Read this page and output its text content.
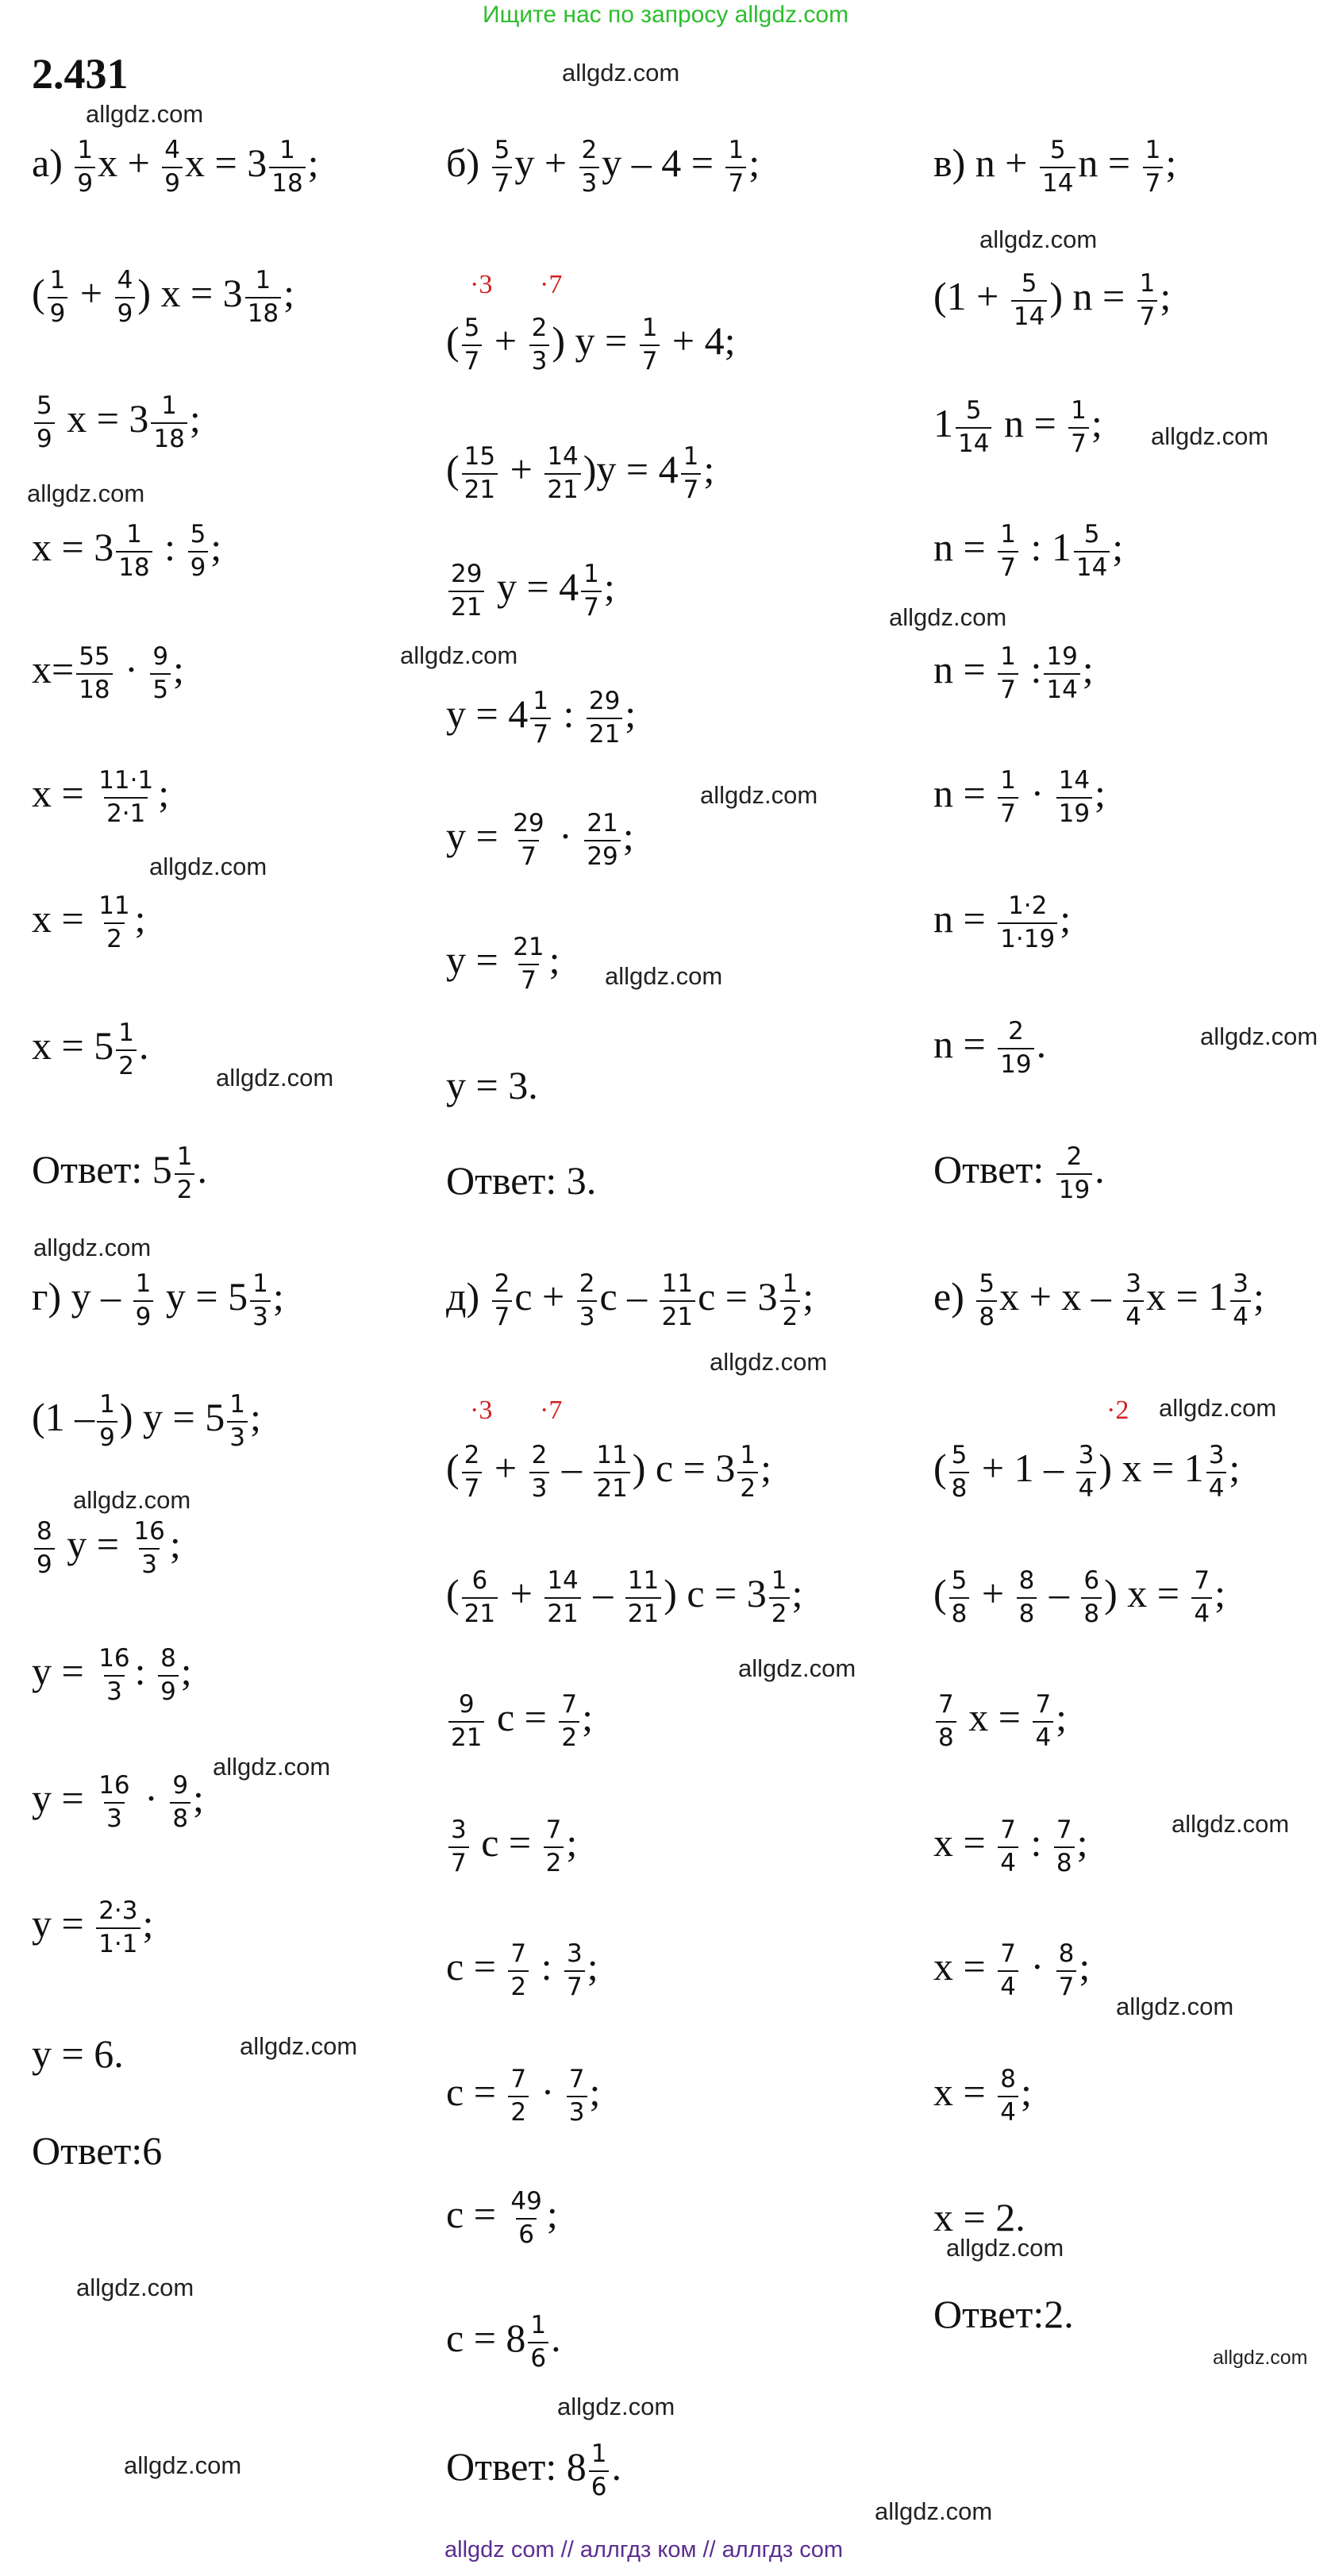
Ищите нас по запросу allgdz.com
2.431	allgdz.com
allgdz.com
allgdz.com
allgdz.com
allgdz.com
allgdz.com
allgdz.com
allgdz.com
allgdz.com
allgdz.com
allgdz.com
allgdz.com
allgdz.com
allgdz.com
allgdz.com
allgdz.com
allgdz.com
allgdz.com
allgdz.com
allgdz.com
allgdz.com
allgdz.com
allgdz.com
allgdz.com
allgdz.com
allgdz.com
allgdz.com
·3 ·7
·3 ·7	·2
$а) \frac{1}{9}$ $x + \frac{4}{9}$ $x = 3 \frac{1}{18}$ ;
( $\frac{1}{9} + \frac{4}{9}$ ) $x = 3 \frac{1}{18}$ ;
$\frac{5}{9}$ $x = 3 \frac{1}{18}$ ;
$x = 3 \frac{1}{18}$ : $\frac{5}{9}$ ;
$x= \frac{55}{18} \cdot \frac{9}{5}$ ;
$x = \frac{11\cdot 1}{2\cdot 1}$ ;
$x = \frac{11}{2}$ ;
$x = 5 \frac{1}{2}$ .
Ответ: $5 \frac{1}{2}$ .
$б) \frac{5}{7}$ $y + \frac{2}{3}$ $y - 4 = \frac{1}{7}$ ;
( $\frac{5}{7} + \frac{2}{3}$ ) $y = \frac{1}{7} + 4$;
( $\frac{15}{21} + \frac{14}{21} )y = 4 \frac{1}{7}$ ;
$\frac{29}{21}$ $y = 4 \frac{1}{7}$ ;
$y = 4 \frac{1}{7}$ : $\frac{29}{21}$ ;
$y = \frac{29}{7} \cdot \frac{21}{29}$ ;
$y = \frac{21}{7}$ ;
y = 3.
Ответ: 3.
в) $n + \frac{5}{14}$ $n = \frac{1}{7}$ ;
($1 + \frac{5}{14}$ ) $n = \frac{1}{7}$ ;
$1 \frac{5}{14}$ $n = \frac{1}{7}$ ;
$n = \frac{1}{7}$ : $1 \frac{5}{14}$ ;
$n = \frac{1}{7}$ : $\frac{19}{14}$ ;
$n = \frac{1}{7} \cdot \frac{14}{19}$ ;
$n = \frac{1\cdot 2}{1\cdot 19}$ ;
$n = \frac{2}{19}$ .
Ответ: $\frac{2}{19}$ .
г) y – $\frac{1}{9}$ $y = 5 \frac{1}{3}$ ;
($1 - \frac{1}{9}$ ) $y = 5 \frac{1}{3}$ ;
$\frac{8}{9}$ $y = \frac{16}{3}$ ;
$y = \frac{16}{3}$ : $\frac{8}{9}$ ;
$y = \frac{16}{3} \cdot \frac{9}{8}$ ;
$y = \frac{2\cdot 3}{1\cdot 1}$ ;
y = 6.
Ответ:6
$д) \frac{2}{7}$ $c + \frac{2}{3}$ c – $\frac{11}{21}$ $c = 3 \frac{1}{2}$ ;
( $\frac{2}{7} + \frac{2}{3} - \frac{11}{21}$ ) $c = 3 \frac{1}{2}$ ;
( $\frac{6}{21} + \frac{14}{21} - \frac{11}{21}$ ) $c = 3 \frac{1}{2}$ ;
$\frac{9}{21}$ $c = \frac{7}{2}$ ;
$\frac{3}{7}$ $c = \frac{7}{2}$ ;
$c = \frac{7}{2}$ : $\frac{3}{7}$ ;
$c = \frac{7}{2} \cdot \frac{7}{3}$ ;
$c = \frac{49}{6}$ ;
$c = 8 \frac{1}{6}$ .
Ответ: $8 \frac{1}{6}$ .
$е) \frac{5}{8}$ $x + x - \frac{3}{4}$ $x = 1 \frac{3}{4}$ ;
( $\frac{5}{8} + 1 - \frac{3}{4}$ ) $x = 1 \frac{3}{4}$ ;
( $\frac{5}{8} + \frac{8}{8} - \frac{6}{8}$ ) $x = \frac{7}{4}$ ;
$\frac{7}{8}$ $x = \frac{7}{4}$ ;
$x = \frac{7}{4}$ : $\frac{7}{8}$ ;
$x = \frac{7}{4} \cdot \frac{8}{7}$ ;
$x = \frac{8}{4}$ ;
x = 2.
Ответ:2.
allgdz com // аллгдз ком // аллгдз com
